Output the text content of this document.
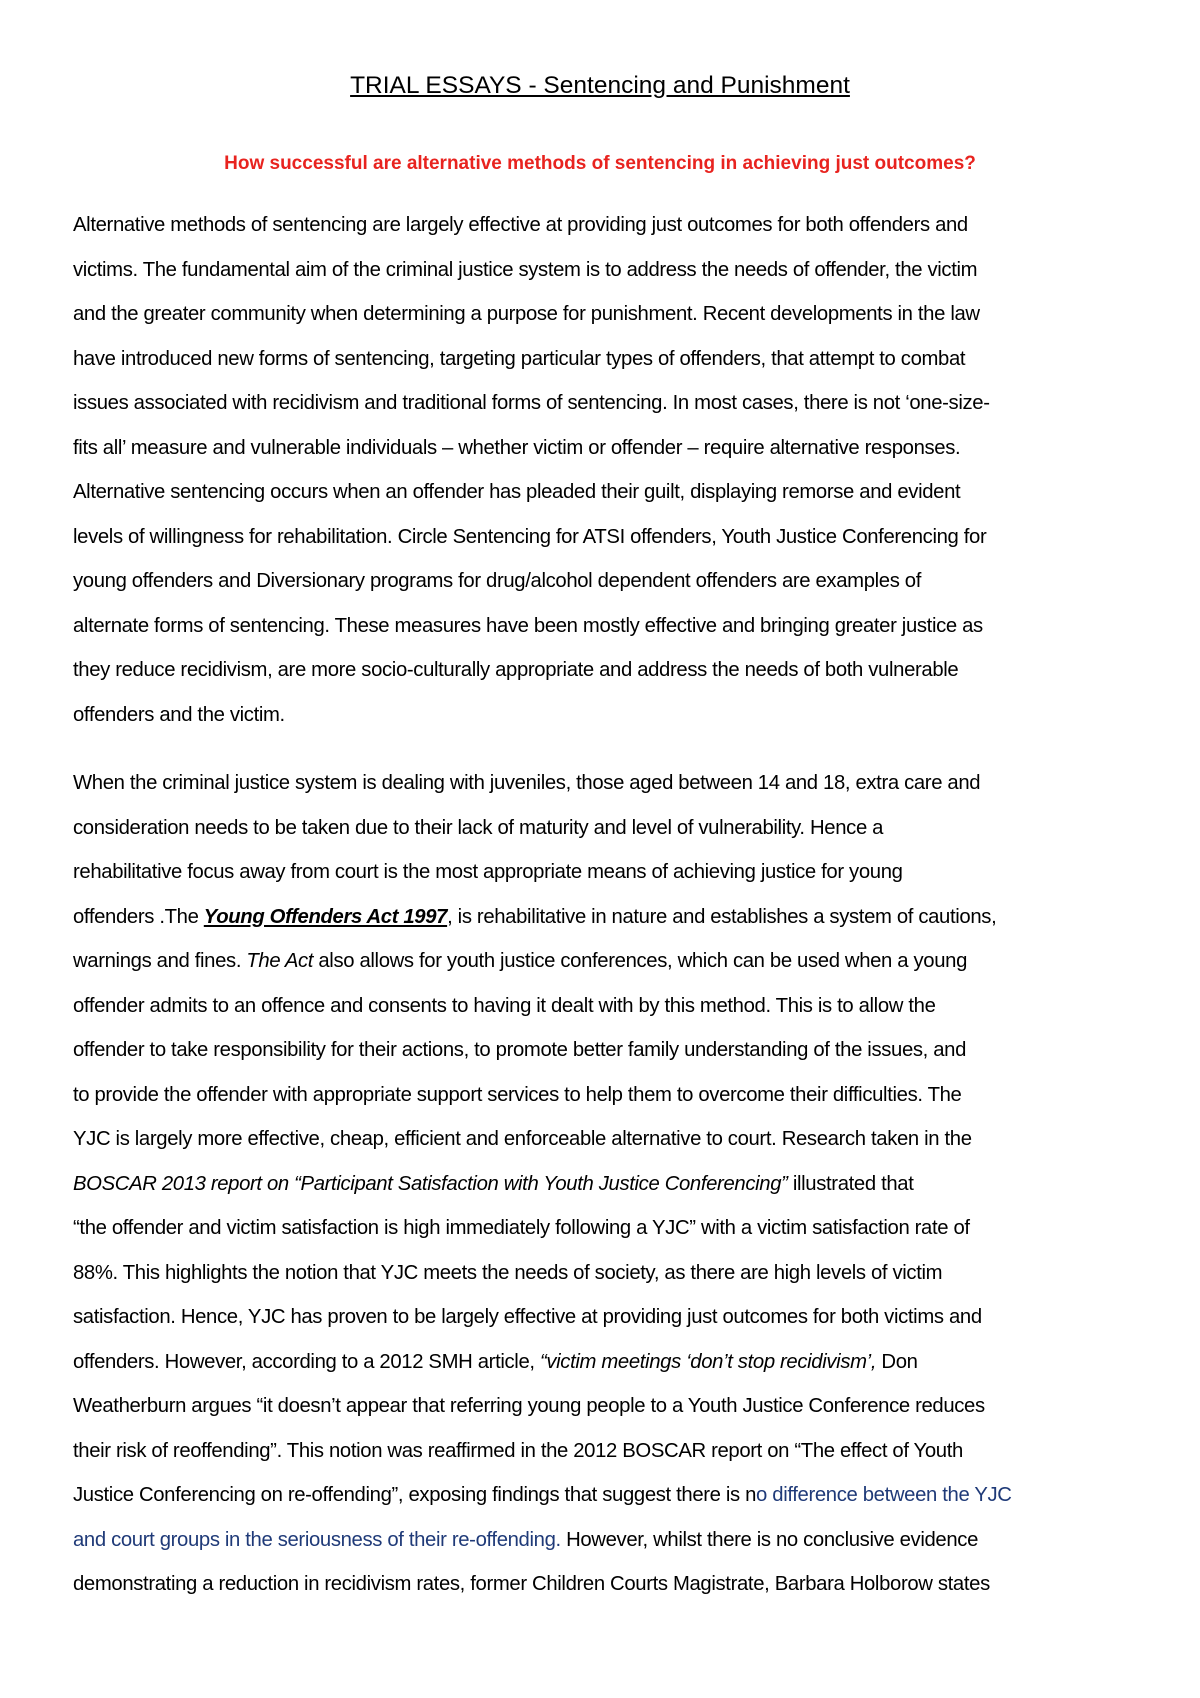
TRIAL ESSAYS - Sentencing and Punishment

How successful are alternative methods of sentencing in achieving just outcomes?

Alternative methods of sentencing are largely effective at providing just outcomes for both offenders and
victims. The fundamental aim of the criminal justice system is to address the needs of offender, the victim
and the greater community when determining a purpose for punishment. Recent developments in the law
have introduced new forms of sentencing, targeting particular types of offenders, that attempt to combat
issues associated with recidivism and traditional forms of sentencing. In most cases, there is not ‘one-size-
fits all’ measure and vulnerable individuals – whether victim or offender – require alternative responses.
Alternative sentencing occurs when an offender has pleaded their guilt, displaying remorse and evident
levels of willingness for rehabilitation. Circle Sentencing for ATSI offenders, Youth Justice Conferencing for
young offenders and Diversionary programs for drug/alcohol dependent offenders are examples of
alternate forms of sentencing. These measures have been mostly effective and bringing greater justice as
they reduce recidivism, are more socio-culturally appropriate and address the needs of both vulnerable
offenders and the victim.
When the criminal justice system is dealing with juveniles, those aged between 14 and 18, extra care and
consideration needs to be taken due to their lack of maturity and level of vulnerability. Hence a
rehabilitative focus away from court is the most appropriate means of achieving justice for young
offenders .The Young Offenders Act 1997, is rehabilitative in nature and establishes a system of cautions,
warnings and fines. The Act also allows for youth justice conferences, which can be used when a young
offender admits to an offence and consents to having it dealt with by this method. This is to allow the
offender to take responsibility for their actions, to promote better family understanding of the issues, and
to provide the offender with appropriate support services to help them to overcome their difficulties. The
YJC is largely more effective, cheap, efficient and enforceable alternative to court. Research taken in the
BOSCAR 2013 report on “Participant Satisfaction with Youth Justice Conferencing” illustrated that
“the offender and victim satisfaction is high immediately following a YJC” with a victim satisfaction rate of
88%. This highlights the notion that YJC meets the needs of society, as there are high levels of victim
satisfaction. Hence, YJC has proven to be largely effective at providing just outcomes for both victims and
offenders. However, according to a 2012 SMH article, “victim meetings ‘don’t stop recidivism’, Don
Weatherburn argues “it doesn’t appear that referring young people to a Youth Justice Conference reduces
their risk of reoffending”. This notion was reaffirmed in the 2012 BOSCAR report on “The effect of Youth
Justice Conferencing on re-offending”, exposing findings that suggest there is no difference between the YJC
and court groups in the seriousness of their re-offending. However, whilst there is no conclusive evidence
demonstrating a reduction in recidivism rates, former Children Courts Magistrate, Barbara Holborow states
